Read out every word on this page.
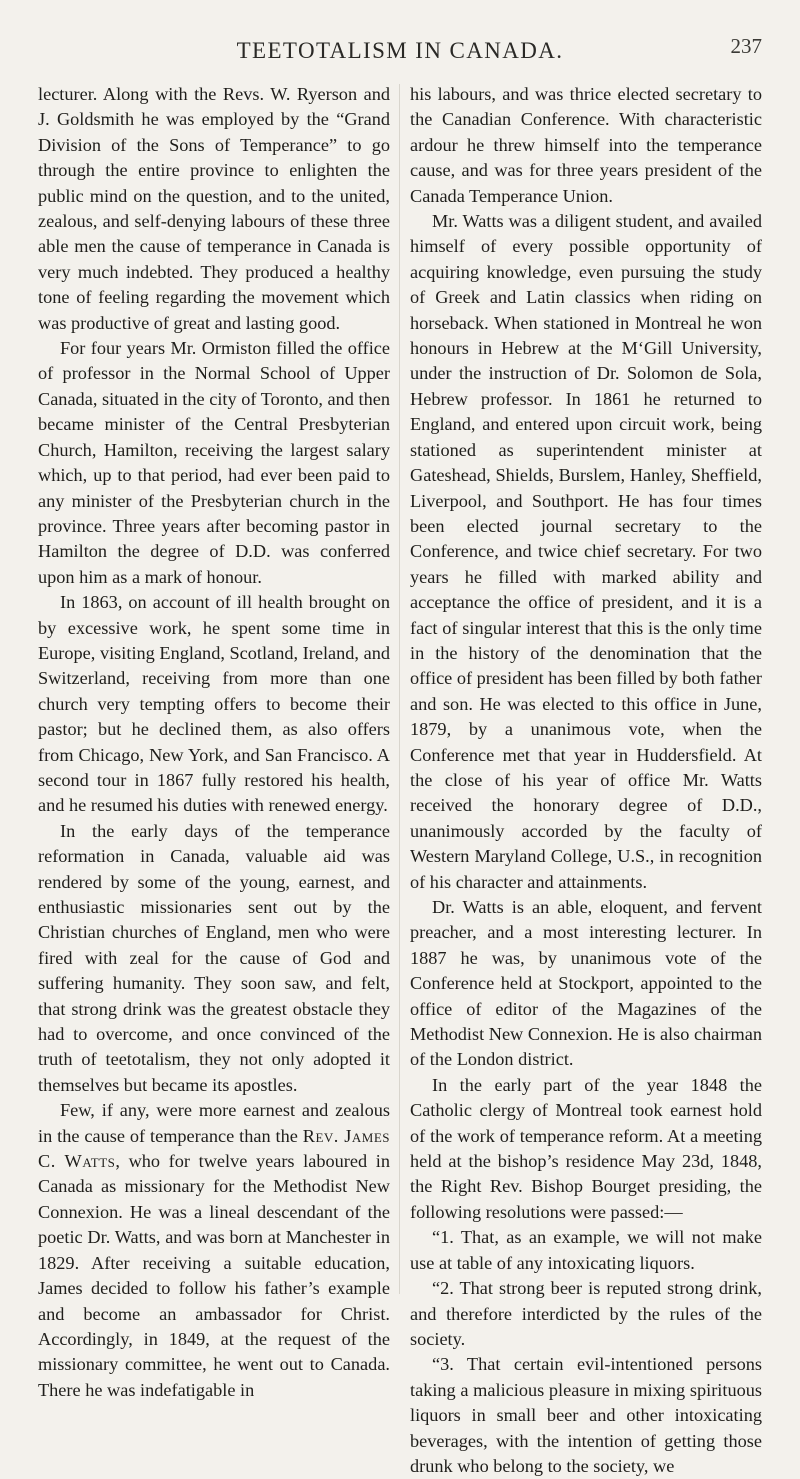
TEETOTALISM IN CANADA.	237

lecturer. Along with the Revs. W. Ryerson and J. Goldsmith he was employed by the “Grand Division of the Sons of Temperance” to go through the entire province to enlighten the public mind on the question, and to the united, zealous, and self-denying labours of these three able men the cause of temperance in Canada is very much indebted. They produced a healthy tone of feeling regarding the movement which was productive of great and lasting good.

For four years Mr. Ormiston filled the office of professor in the Normal School of Upper Canada, situated in the city of Toronto, and then became minister of the Central Presbyterian Church, Hamilton, receiving the largest salary which, up to that period, had ever been paid to any minister of the Presbyterian church in the province. Three years after becoming pastor in Hamilton the degree of D.D. was conferred upon him as a mark of honour.

In 1863, on account of ill health brought on by excessive work, he spent some time in Europe, visiting England, Scotland, Ireland, and Switzerland, receiving from more than one church very tempting offers to become their pastor; but he declined them, as also offers from Chicago, New York, and San Francisco. A second tour in 1867 fully restored his health, and he resumed his duties with renewed energy.

In the early days of the temperance reformation in Canada, valuable aid was rendered by some of the young, earnest, and enthusiastic missionaries sent out by the Christian churches of England, men who were fired with zeal for the cause of God and suffering humanity. They soon saw, and felt, that strong drink was the greatest obstacle they had to overcome, and once convinced of the truth of teetotalism, they not only adopted it themselves but became its apostles.

Few, if any, were more earnest and zealous in the cause of temperance than the Rev. James C. Watts, who for twelve years laboured in Canada as missionary for the Methodist New Connexion. He was a lineal descendant of the poetic Dr. Watts, and was born at Manchester in 1829. After receiving a suitable education, James decided to follow his father’s example and become an ambassador for Christ. Accordingly, in 1849, at the request of the missionary committee, he went out to Canada. There he was indefatigable in

his labours, and was thrice elected secretary to the Canadian Conference. With characteristic ardour he threw himself into the temperance cause, and was for three years president of the Canada Temperance Union.

Mr. Watts was a diligent student, and availed himself of every possible opportunity of acquiring knowledge, even pursuing the study of Greek and Latin classics when riding on horseback. When stationed in Montreal he won honours in Hebrew at the M‘Gill University, under the instruction of Dr. Solomon de Sola, Hebrew professor. In 1861 he returned to England, and entered upon circuit work, being stationed as superintendent minister at Gateshead, Shields, Burslem, Hanley, Sheffield, Liverpool, and Southport. He has four times been elected journal secretary to the Conference, and twice chief secretary. For two years he filled with marked ability and acceptance the office of president, and it is a fact of singular interest that this is the only time in the history of the denomination that the office of president has been filled by both father and son. He was elected to this office in June, 1879, by a unanimous vote, when the Conference met that year in Huddersfield. At the close of his year of office Mr. Watts received the honorary degree of D.D., unanimously accorded by the faculty of Western Maryland College, U.S., in recognition of his character and attainments.

Dr. Watts is an able, eloquent, and fervent preacher, and a most interesting lecturer. In 1887 he was, by unanimous vote of the Conference held at Stockport, appointed to the office of editor of the Magazines of the Methodist New Connexion. He is also chairman of the London district.

In the early part of the year 1848 the Catholic clergy of Montreal took earnest hold of the work of temperance reform. At a meeting held at the bishop’s residence May 23d, 1848, the Right Rev. Bishop Bourget presiding, the following resolutions were passed:—

“1. That, as an example, we will not make use at table of any intoxicating liquors.

“2. That strong beer is reputed strong drink, and therefore interdicted by the rules of the society.

“3. That certain evil-intentioned persons taking a malicious pleasure in mixing spirituous liquors in small beer and other intoxicating beverages, with the intention of getting those drunk who belong to the society, we
